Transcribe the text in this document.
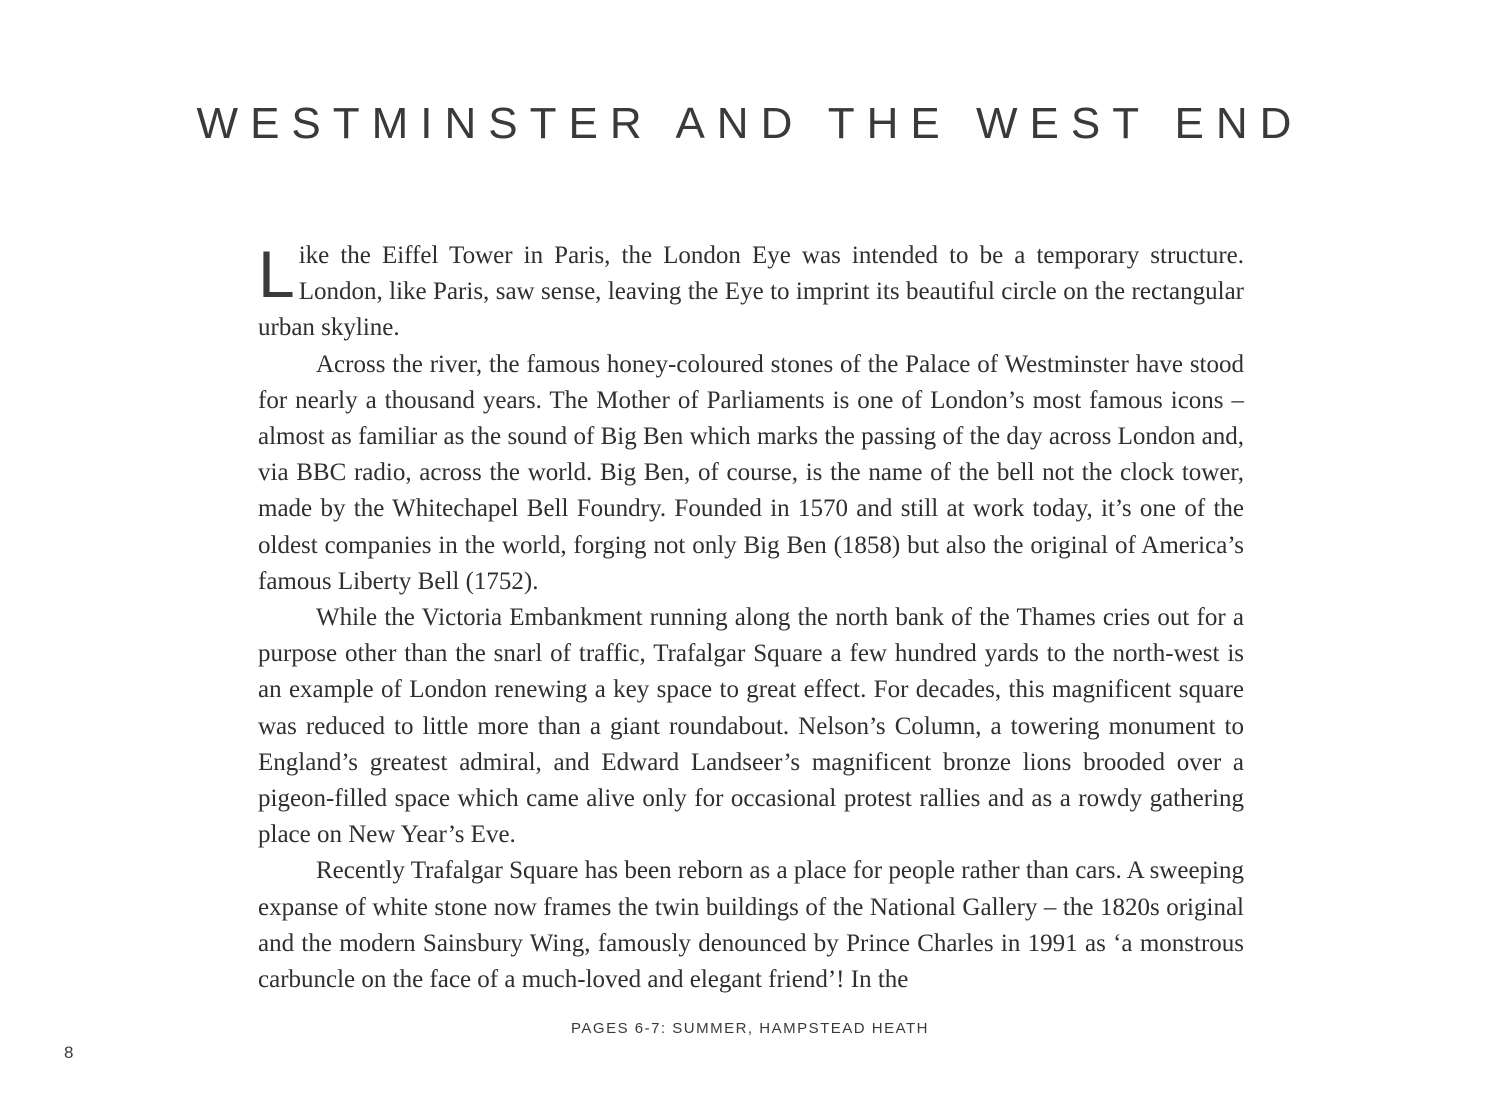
WESTMINSTER AND THE WEST END

Like the Eiffel Tower in Paris, the London Eye was intended to be a temporary structure. London, like Paris, saw sense, leaving the Eye to imprint its beautiful circle on the rectangular urban skyline.

Across the river, the famous honey-coloured stones of the Palace of Westminster have stood for nearly a thousand years. The Mother of Parliaments is one of London’s most famous icons – almost as familiar as the sound of Big Ben which marks the passing of the day across London and, via BBC radio, across the world. Big Ben, of course, is the name of the bell not the clock tower, made by the Whitechapel Bell Foundry. Founded in 1570 and still at work today, it’s one of the oldest companies in the world, forging not only Big Ben (1858) but also the original of America’s famous Liberty Bell (1752).

While the Victoria Embankment running along the north bank of the Thames cries out for a purpose other than the snarl of traffic, Trafalgar Square a few hundred yards to the north-west is an example of London renewing a key space to great effect. For decades, this magnificent square was reduced to little more than a giant roundabout. Nelson’s Column, a towering monument to England’s greatest admiral, and Edward Landseer’s magnificent bronze lions brooded over a pigeon-filled space which came alive only for occasional protest rallies and as a rowdy gathering place on New Year’s Eve.

Recently Trafalgar Square has been reborn as a place for people rather than cars. A sweeping expanse of white stone now frames the twin buildings of the National Gallery – the 1820s original and the modern Sainsbury Wing, famously denounced by Prince Charles in 1991 as ‘a monstrous carbuncle on the face of a much-loved and elegant friend’! In the

PAGES 6-7: SUMMER, HAMPSTEAD HEATH

8
